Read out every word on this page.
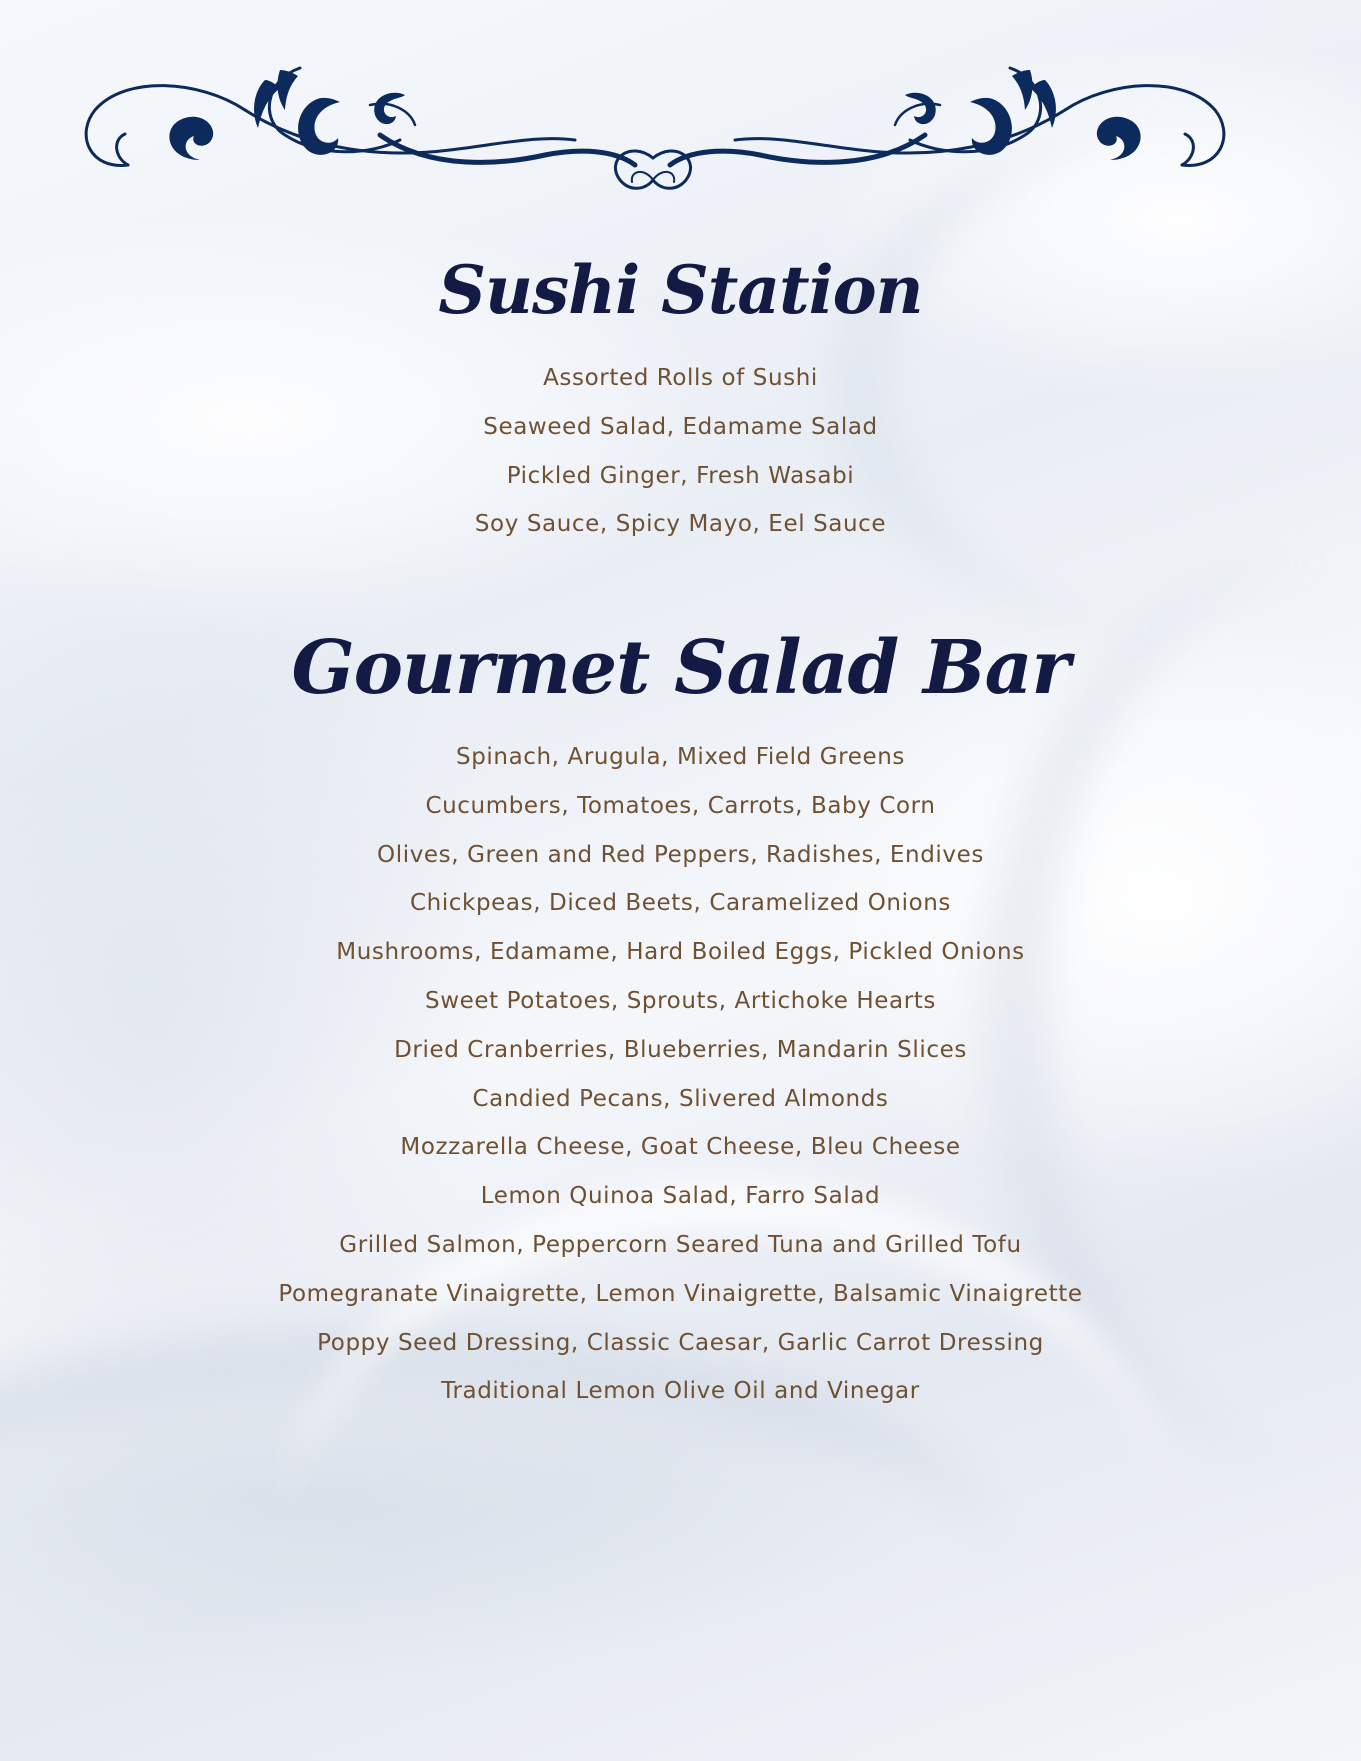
Sushi Station
Assorted Rolls of Sushi
Seaweed Salad, Edamame Salad
Pickled Ginger, Fresh Wasabi
Soy Sauce, Spicy Mayo, Eel Sauce
Gourmet Salad Bar
Spinach, Arugula, Mixed Field Greens
Cucumbers, Tomatoes, Carrots, Baby Corn
Olives, Green and Red Peppers, Radishes, Endives
Chickpeas, Diced Beets, Caramelized Onions
Mushrooms, Edamame, Hard Boiled Eggs, Pickled Onions
Sweet Potatoes, Sprouts, Artichoke Hearts
Dried Cranberries, Blueberries, Mandarin Slices
Candied Pecans, Slivered Almonds
Mozzarella Cheese, Goat Cheese, Bleu Cheese
Lemon Quinoa Salad, Farro Salad
Grilled Salmon, Peppercorn Seared Tuna and Grilled Tofu
Pomegranate Vinaigrette, Lemon Vinaigrette, Balsamic Vinaigrette
Poppy Seed Dressing, Classic Caesar, Garlic Carrot Dressing
Traditional Lemon Olive Oil and Vinegar
